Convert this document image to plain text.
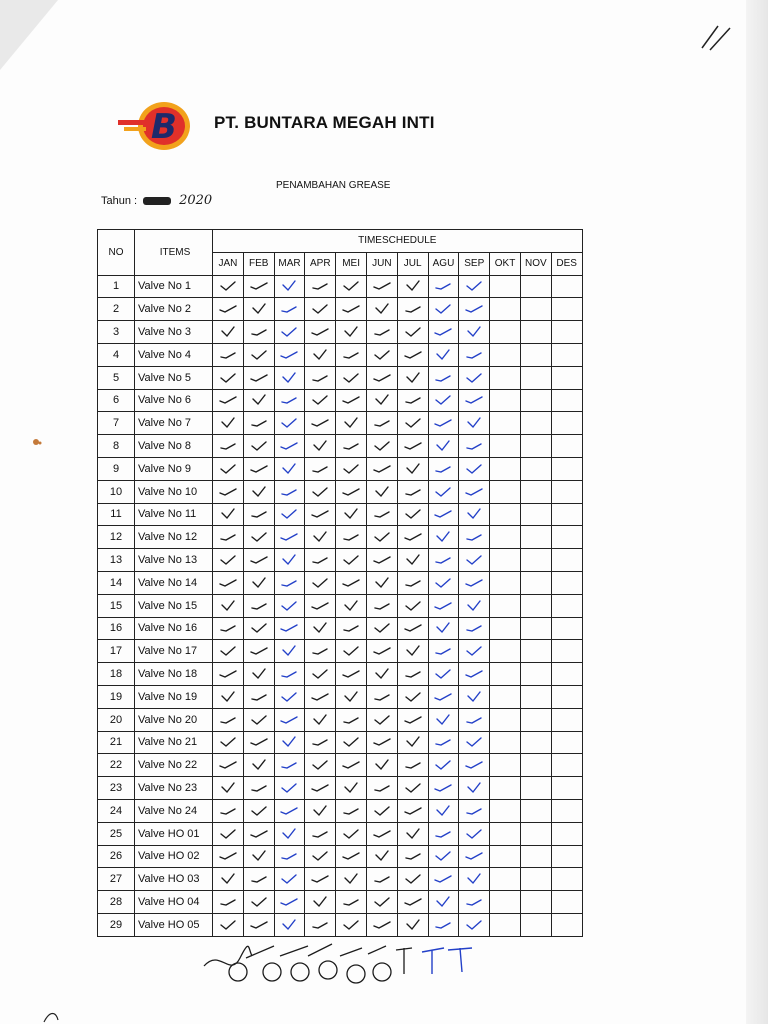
B PT. BUNTARA MEGAH INTI
PENAMBAHAN GREASE
Tahun :	2020
NO	ITEMS	TIMESCHEDULE											
		JAN	FEB	MAR	APR	MEI	JUN	JUL	AGU	SEP	OKT	NOV	DES
1	Valve No 1	

2	Valve No 2	

3	Valve No 3	

4	Valve No 4	

5	Valve No 5	

6	Valve No 6	

7	Valve No 7	

8	Valve No 8	

9	Valve No 9	

10	Valve No 10	

11	Valve No 11	

12	Valve No 12	

13	Valve No 13	

14	Valve No 14	

15	Valve No 15	

16	Valve No 16	

17	Valve No 17	

18	Valve No 18	

19	Valve No 19	

20	Valve No 20	

21	Valve No 21	

22	Valve No 22	

23	Valve No 23	

24	Valve No 24	

25	Valve HO 01	

26	Valve HO 02	

27	Valve HO 03	

28	Valve HO 04	

29	Valve HO 05	
